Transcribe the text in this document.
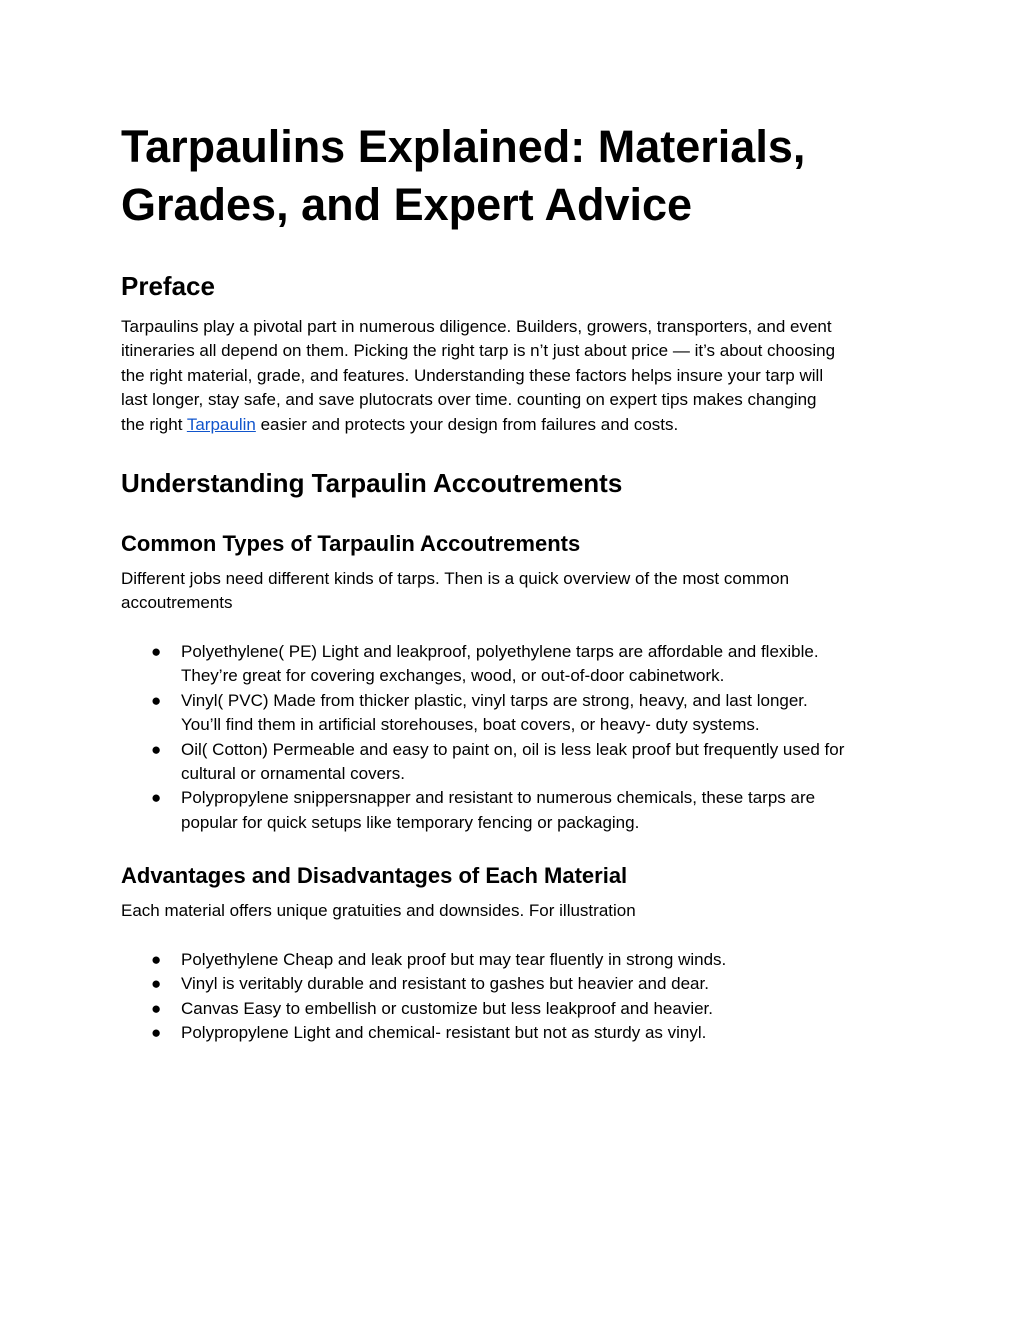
Tarpaulins Explained: Materials,
Grades, and Expert Advice
Preface

Tarpaulins play a pivotal part in numerous diligence. Builders, growers, transporters, and event
itineraries all depend on them. Picking the right tarp is n’t just about price — it’s about choosing
the right material, grade, and features. Understanding these factors helps insure your tarp will
last longer, stay safe, and save plutocrats over time. counting on expert tips makes changing
the right Tarpaulin easier and protects your design from failures and costs.

Understanding Tarpaulin Accoutrements
Common Types of Tarpaulin Accoutrements

Different jobs need different kinds of tarps. Then is a quick overview of the most common
accoutrements

● Polyethylene( PE) Light and leakproof, polyethylene tarps are affordable and flexible.
They’re great for covering exchanges, wood, or out-of-door cabinetwork.
● Vinyl( PVC) Made from thicker plastic, vinyl tarps are strong, heavy, and last longer.
You’ll find them in artificial storehouses, boat covers, or heavy- duty systems.
● Oil( Cotton) Permeable and easy to paint on, oil is less leak proof but frequently used for
cultural or ornamental covers.
● Polypropylene snippersnapper and resistant to numerous chemicals, these tarps are
popular for quick setups like temporary fencing or packaging.
Advantages and Disadvantages of Each Material

Each material offers unique gratuities and downsides. For illustration

● Polyethylene Cheap and leak proof but may tear fluently in strong winds.
● Vinyl is veritably durable and resistant to gashes but heavier and dear.
● Canvas Easy to embellish or customize but less leakproof and heavier.
● Polypropylene Light and chemical- resistant but not as sturdy as vinyl.
